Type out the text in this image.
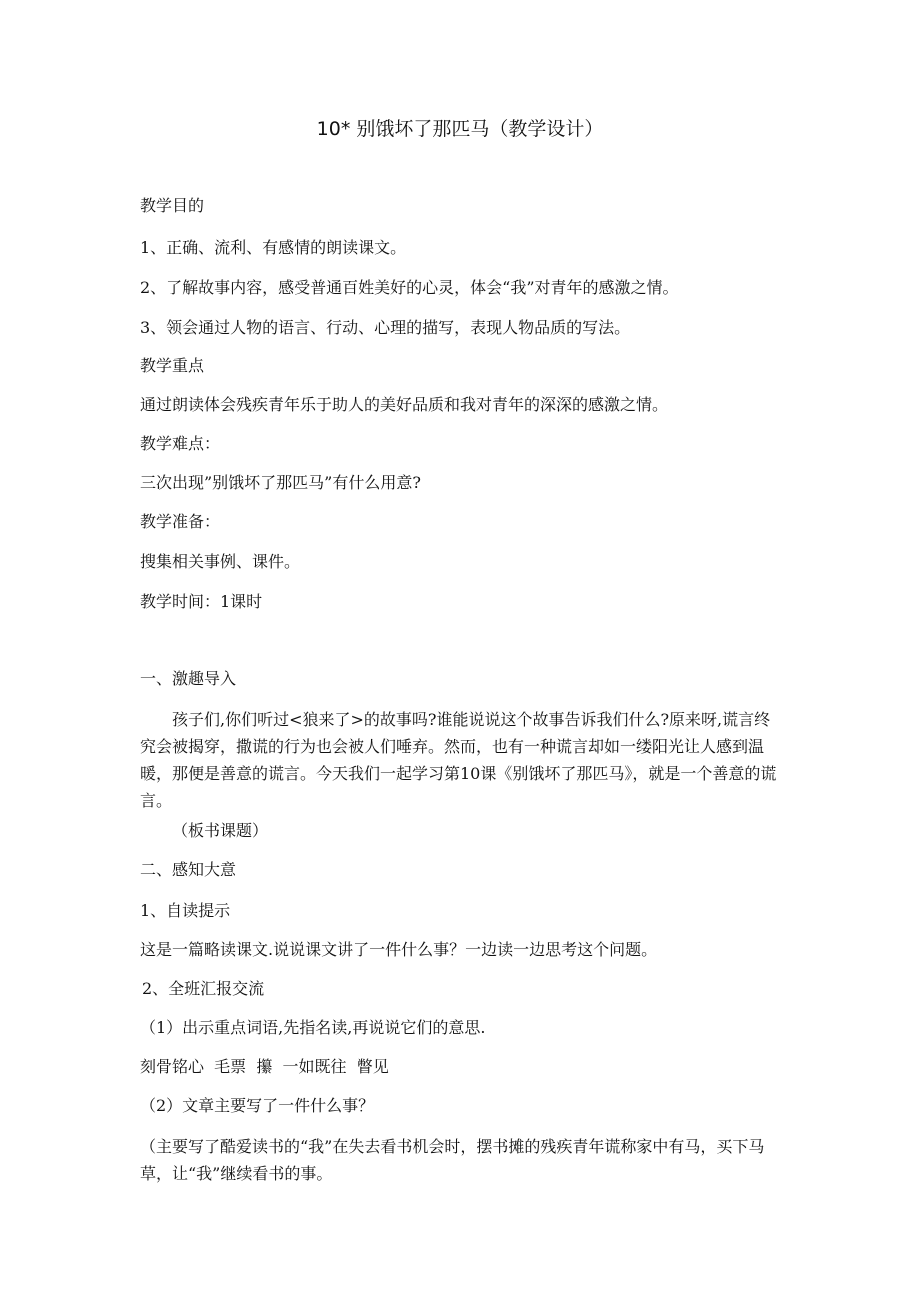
10* 别饿坏了那匹马（教学设计）
教学目的
1、正确、流利、有感情的朗读课文。
2、了解故事内容，感受普通百姓美好的心灵，体会“我”对青年的感激之情。
3、领会通过人物的语言、行动、心理的描写，表现人物品质的写法。
教学重点
通过朗读体会残疾青年乐于助人的美好品质和我对青年的深深的感激之情。
教学难点：
三次出现”别饿坏了那匹马”有什么用意?
教学准备：
搜集相关事例、课件。
教学时间：1课时
一、激趣导入
孩子们,你们听过<狼来了>的故事吗?谁能说说这个故事告诉我们什么?原来呀,谎言终究会被揭穿，撒谎的行为也会被人们唾弃。然而，也有一种谎言却如一缕阳光让人感到温暖，那便是善意的谎言。今天我们一起学习第10课《别饿坏了那匹马》，就是一个善意的谎言。
（板书课题）
二、感知大意
1、自读提示
这是一篇略读课文.说说课文讲了一件什么事？一边读一边思考这个问题。
2、全班汇报交流
（1）出示重点词语,先指名读,再说说它们的意思.
刻骨铭心  毛票  攥  一如既往  瞥见
（2）文章主要写了一件什么事？
（主要写了酷爱读书的“我”在失去看书机会时，摆书摊的残疾青年谎称家中有马，买下马草，让“我”继续看书的事。
